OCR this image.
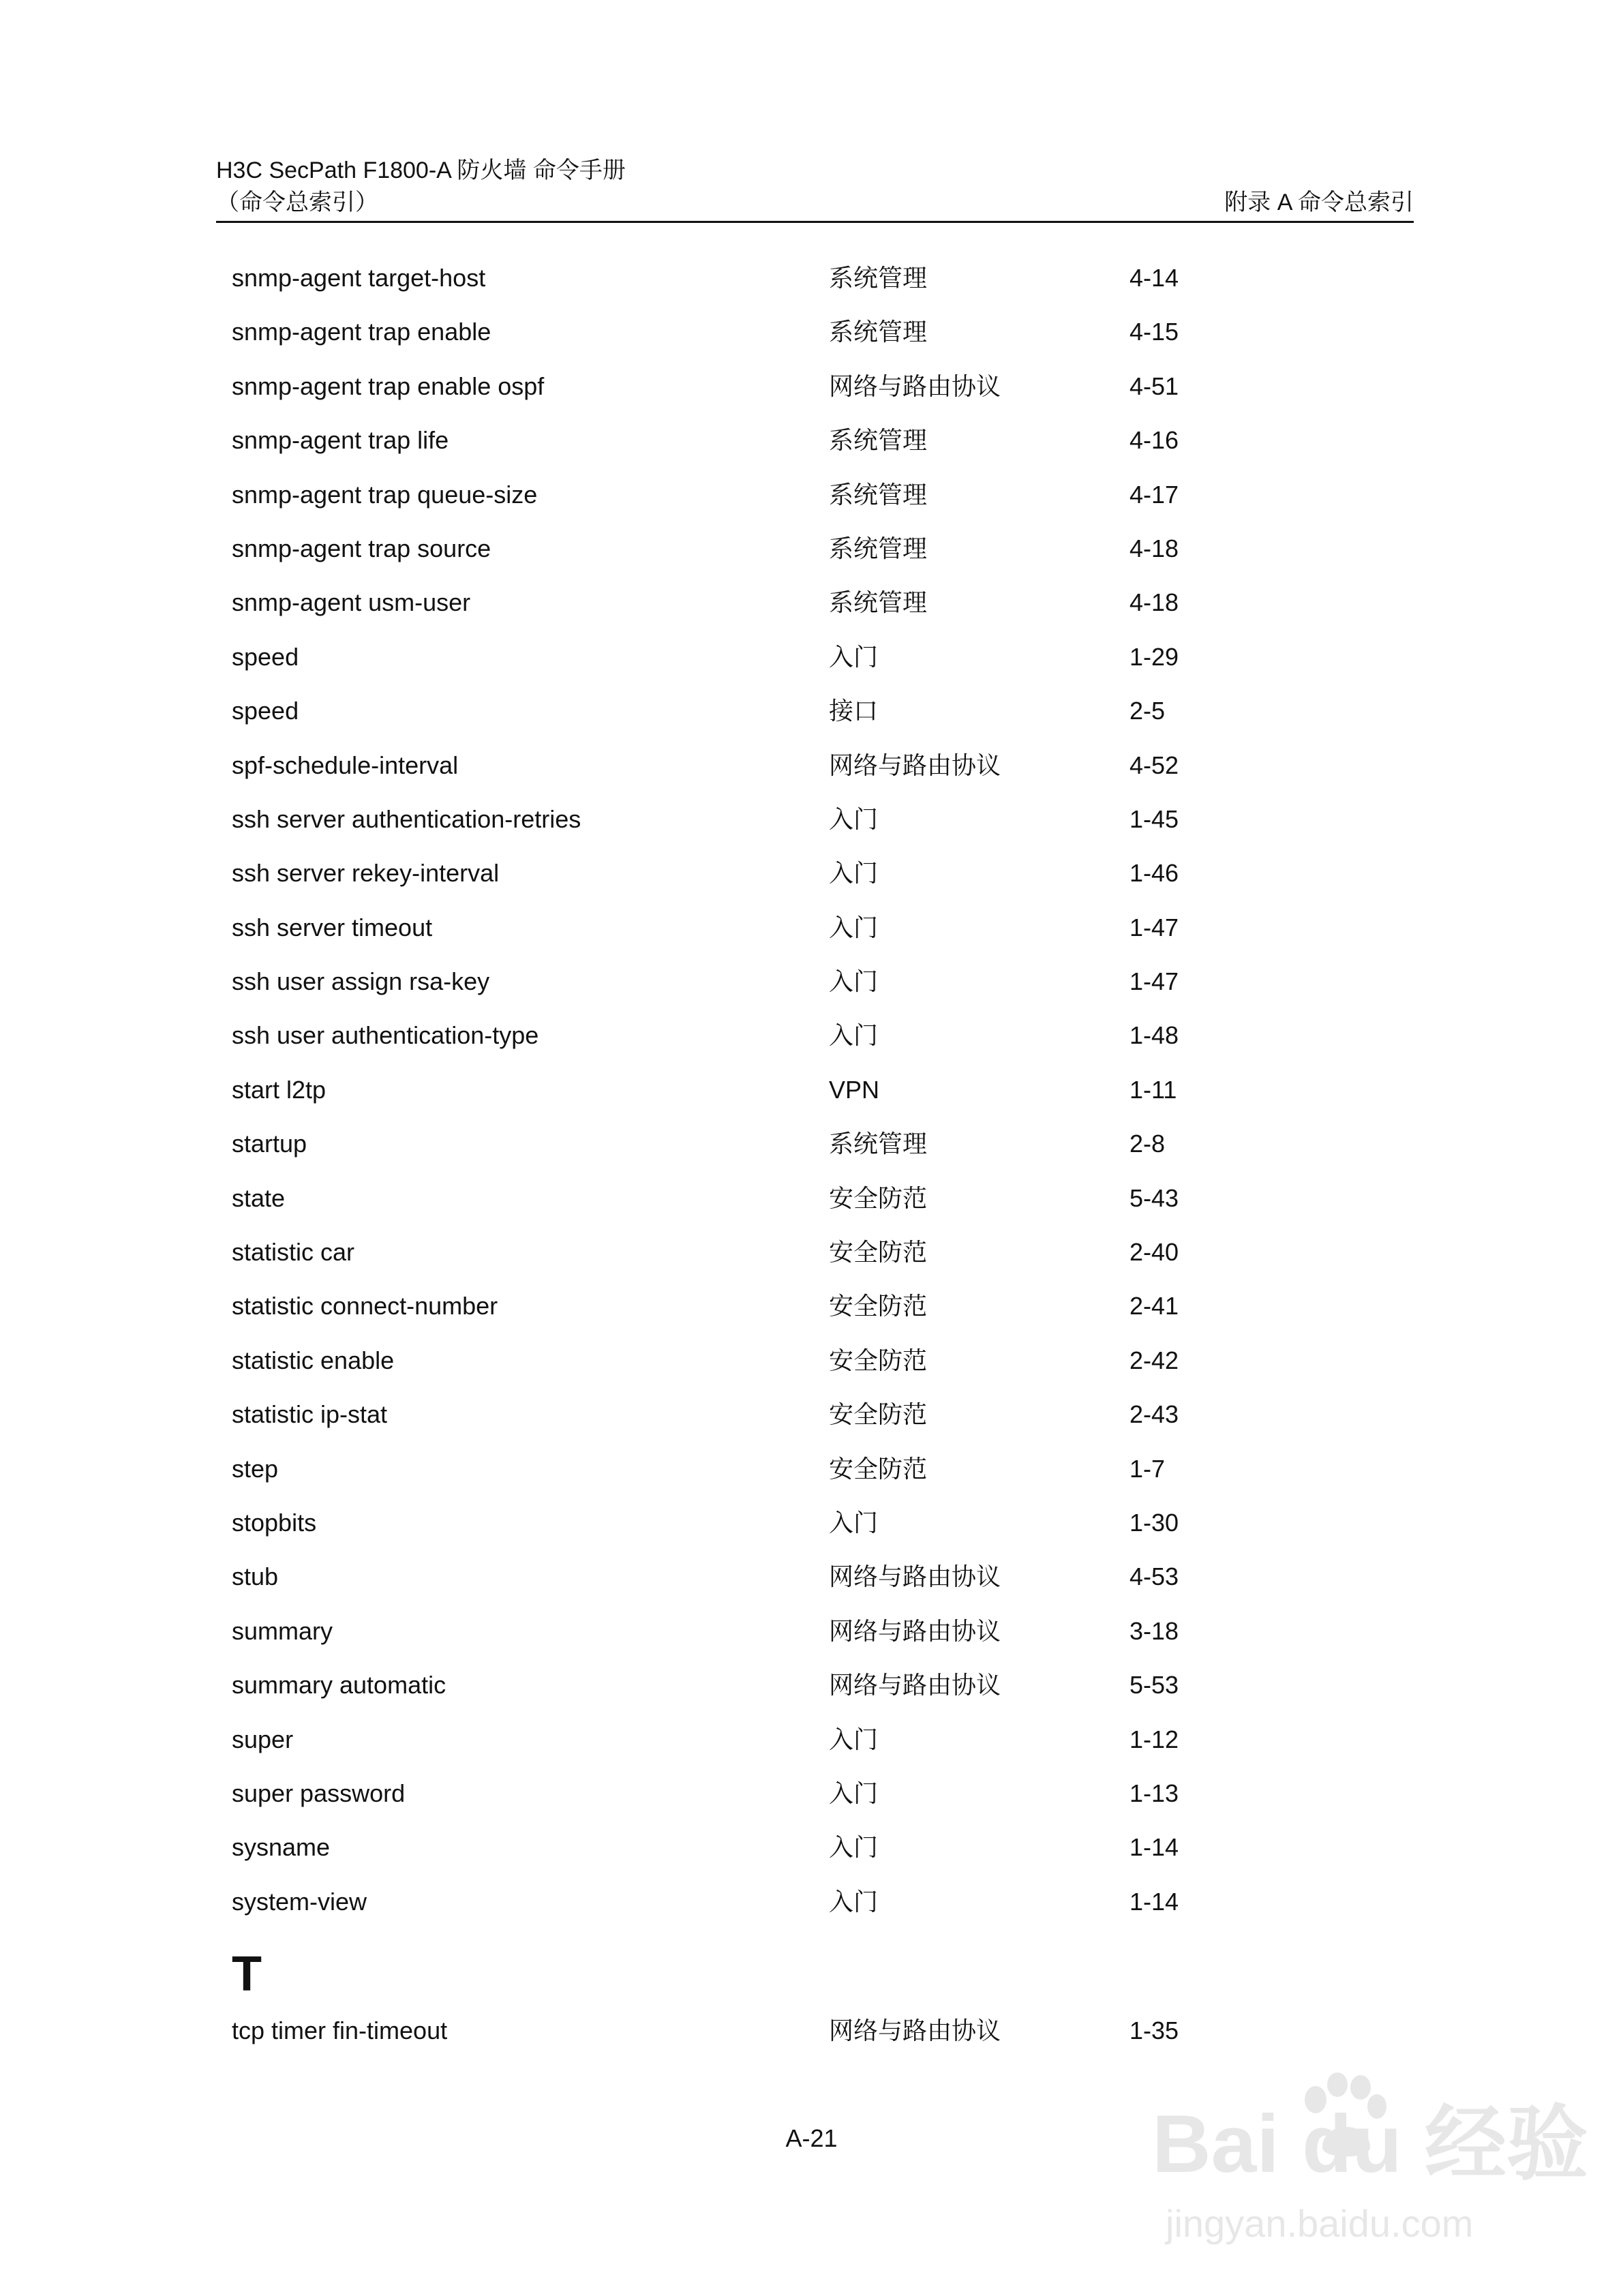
H3C SecPath F1800-A 防火墙 命令手册
（命令总索引）	附录 A 命令总索引
snmp-agent target-host	系统管理	4-14
snmp-agent trap enable	系统管理	4-15
snmp-agent trap enable ospf	网络与路由协议	4-51
snmp-agent trap life	系统管理	4-16
snmp-agent trap queue-size	系统管理	4-17
snmp-agent trap source	系统管理	4-18
snmp-agent usm-user	系统管理	4-18
speed	入门	1-29
speed	接口	2-5
spf-schedule-interval	网络与路由协议	4-52
ssh server authentication-retries	入门	1-45
ssh server rekey-interval	入门	1-46
ssh server timeout	入门	1-47
ssh user assign rsa-key	入门	1-47
ssh user authentication-type	入门	1-48
start l2tp	VPN	1-11
startup	系统管理	2-8
state	安全防范	5-43
statistic car	安全防范	2-40
statistic connect-number	安全防范	2-41
statistic enable	安全防范	2-42
statistic ip-stat	安全防范	2-43
step	安全防范	1-7
stopbits	入门	1-30
stub	网络与路由协议	4-53
summary	网络与路由协议	3-18
summary automatic	网络与路由协议	5-53
super	入门	1-12
super password	入门	1-13
sysname	入门	1-14
system-view	入门	1-14
T
tcp timer fin-timeout	网络与路由协议	1-35
A-21	Bai du 经验
jingyan.baidu.com
